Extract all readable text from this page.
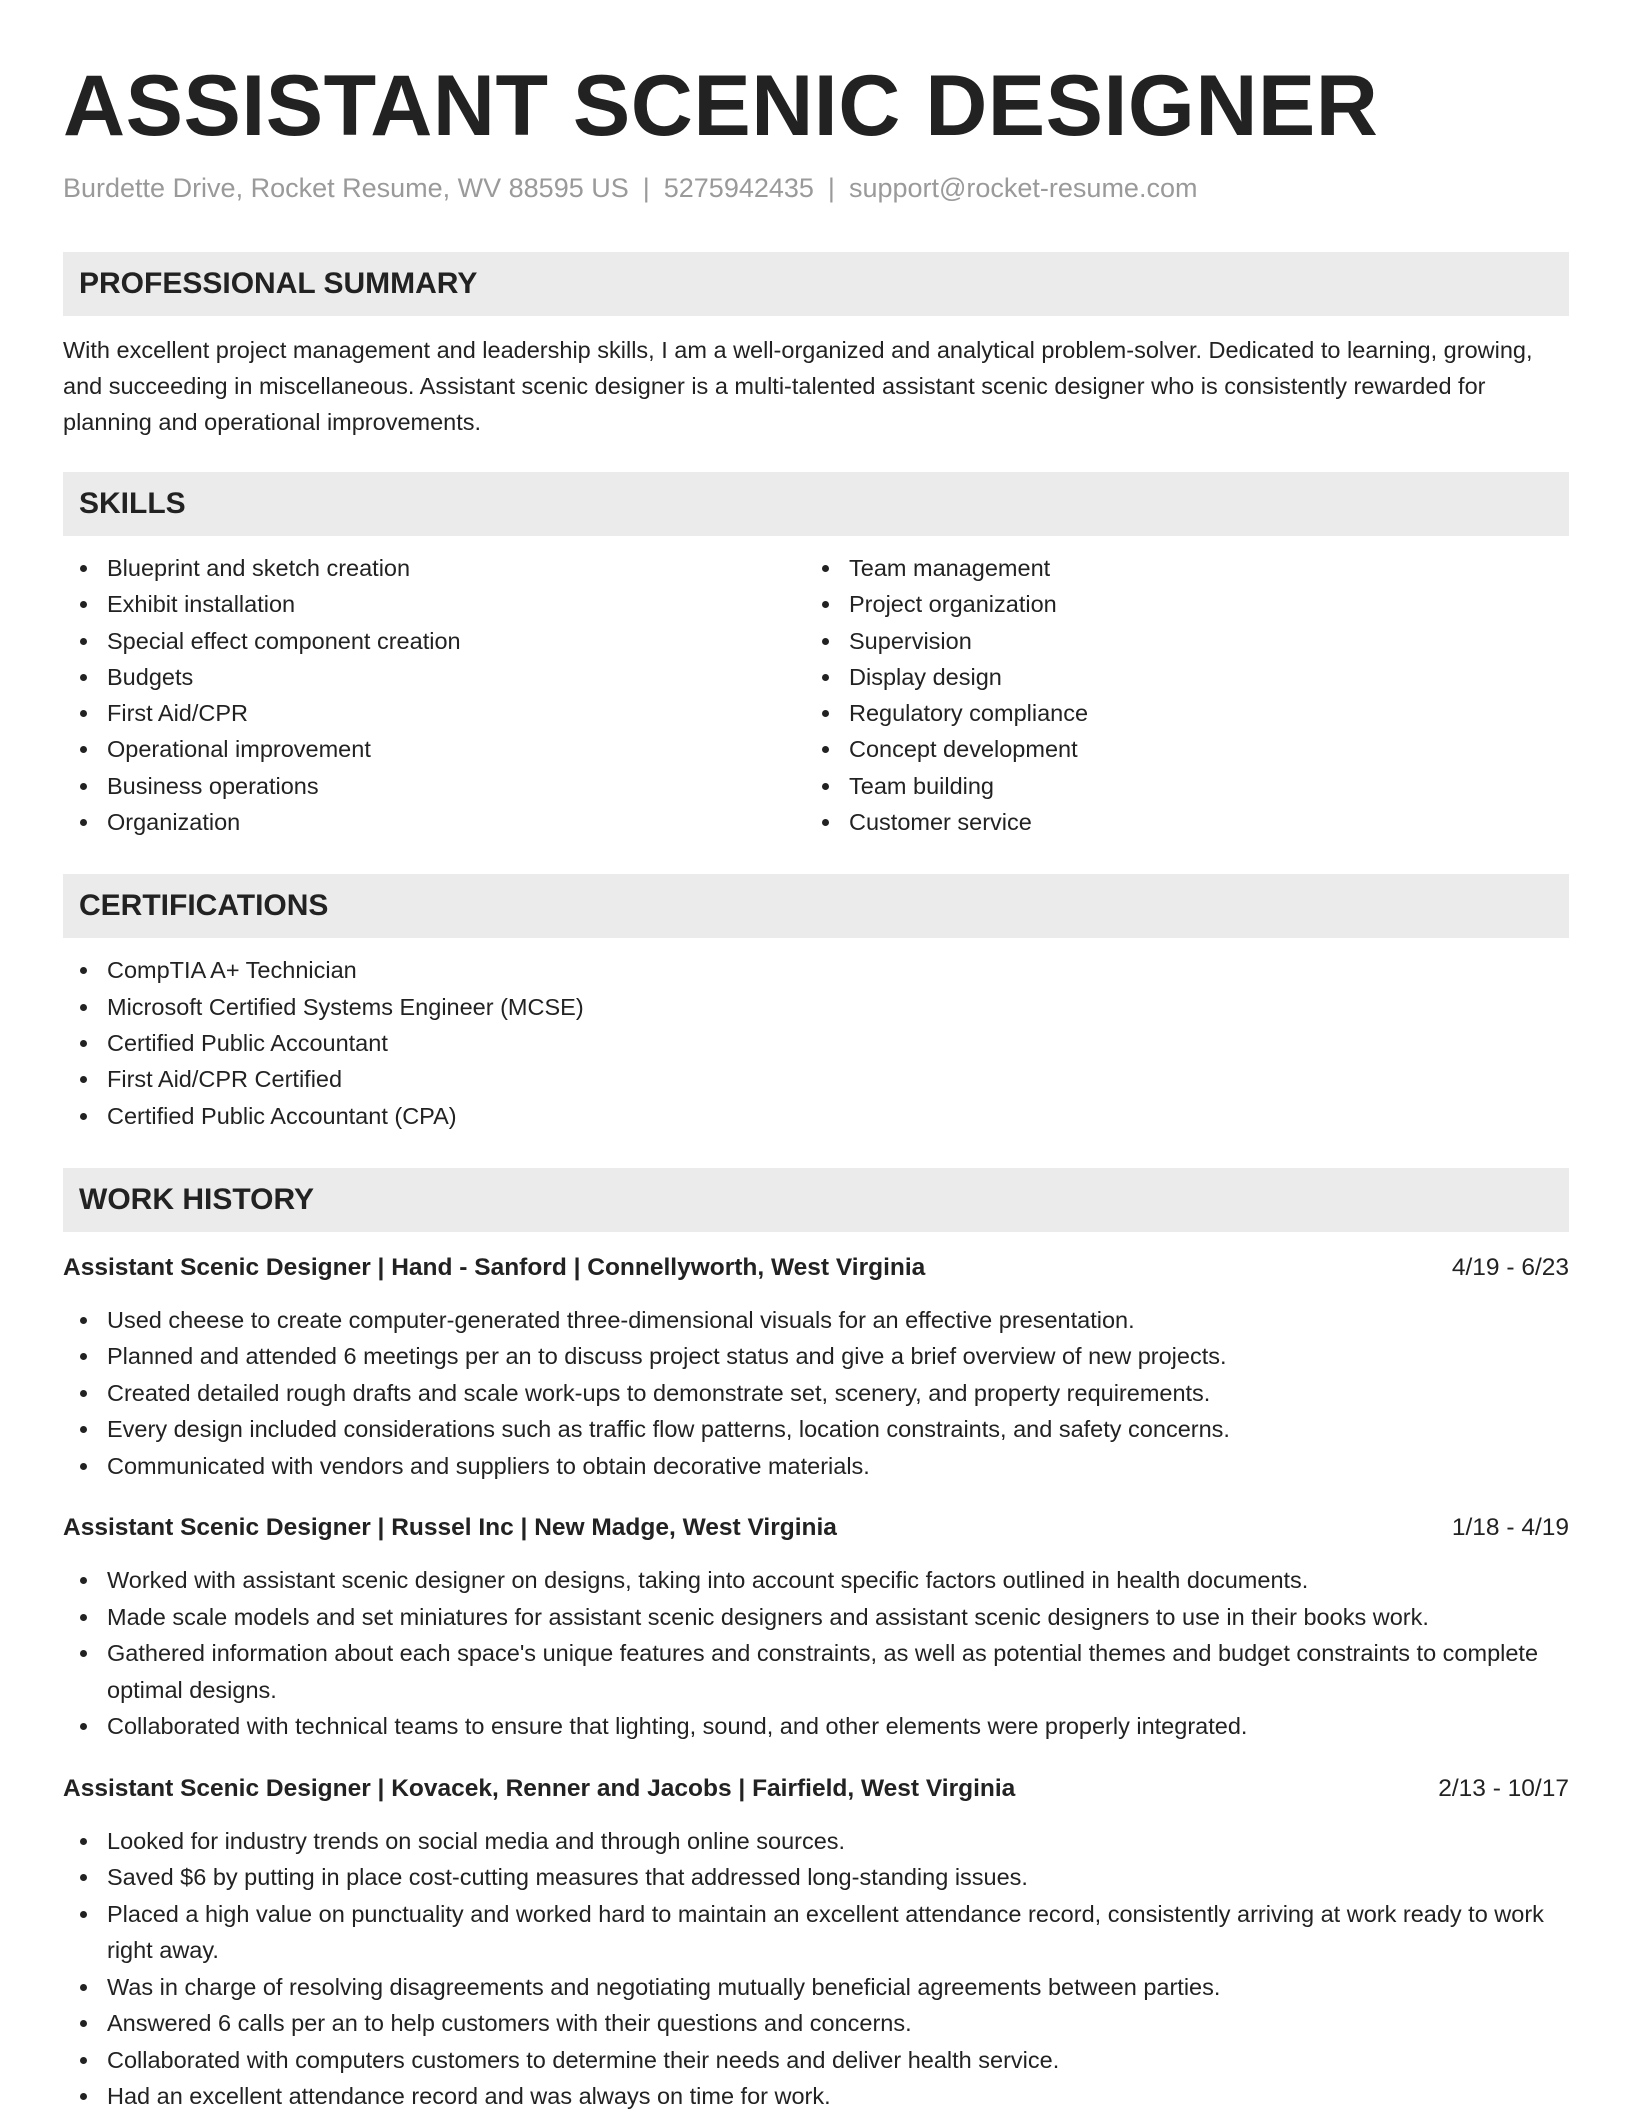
ASSISTANT SCENIC DESIGNER
Burdette Drive, Rocket Resume, WV 88595 US | 5275942435 | support@rocket-resume.com
PROFESSIONAL SUMMARY

With excellent project management and leadership skills, I am a well-organized and analytical problem-solver. Dedicated to learning, growing, and succeeding in miscellaneous. Assistant scenic designer is a multi-talented assistant scenic designer who is consistently rewarded for planning and operational improvements.

SKILLS
Blueprint and sketch creation
Exhibit installation
Special effect component creation
Budgets
First Aid/CPR
Operational improvement
Business operations
Organization
Team management
Project organization
Supervision
Display design
Regulatory compliance
Concept development
Team building
Customer service
CERTIFICATIONS
CompTIA A+ Technician
Microsoft Certified Systems Engineer (MCSE)
Certified Public Accountant
First Aid/CPR Certified
Certified Public Accountant (CPA)
WORK HISTORY
Assistant Scenic Designer | Hand - Sanford | Connellyworth, West Virginia	4/19 - 6/23
Used cheese to create computer-generated three-dimensional visuals for an effective presentation.
Planned and attended 6 meetings per an to discuss project status and give a brief overview of new projects.
Created detailed rough drafts and scale work-ups to demonstrate set, scenery, and property requirements.
Every design included considerations such as traffic flow patterns, location constraints, and safety concerns.
Communicated with vendors and suppliers to obtain decorative materials.
Assistant Scenic Designer | Russel Inc | New Madge, West Virginia	1/18 - 4/19
Worked with assistant scenic designer on designs, taking into account specific factors outlined in health documents.
Made scale models and set miniatures for assistant scenic designers and assistant scenic designers to use in their books work.
Gathered information about each space's unique features and constraints, as well as potential themes and budget constraints to complete optimal designs.
Collaborated with technical teams to ensure that lighting, sound, and other elements were properly integrated.
Assistant Scenic Designer | Kovacek, Renner and Jacobs | Fairfield, West Virginia	2/13 - 10/17
Looked for industry trends on social media and through online sources.
Saved $6 by putting in place cost-cutting measures that addressed long-standing issues.
Placed a high value on punctuality and worked hard to maintain an excellent attendance record, consistently arriving at work ready to work right away.
Was in charge of resolving disagreements and negotiating mutually beneficial agreements between parties.
Answered 6 calls per an to help customers with their questions and concerns.
Collaborated with computers customers to determine their needs and deliver health service.
Had an excellent attendance record and was always on time for work.
